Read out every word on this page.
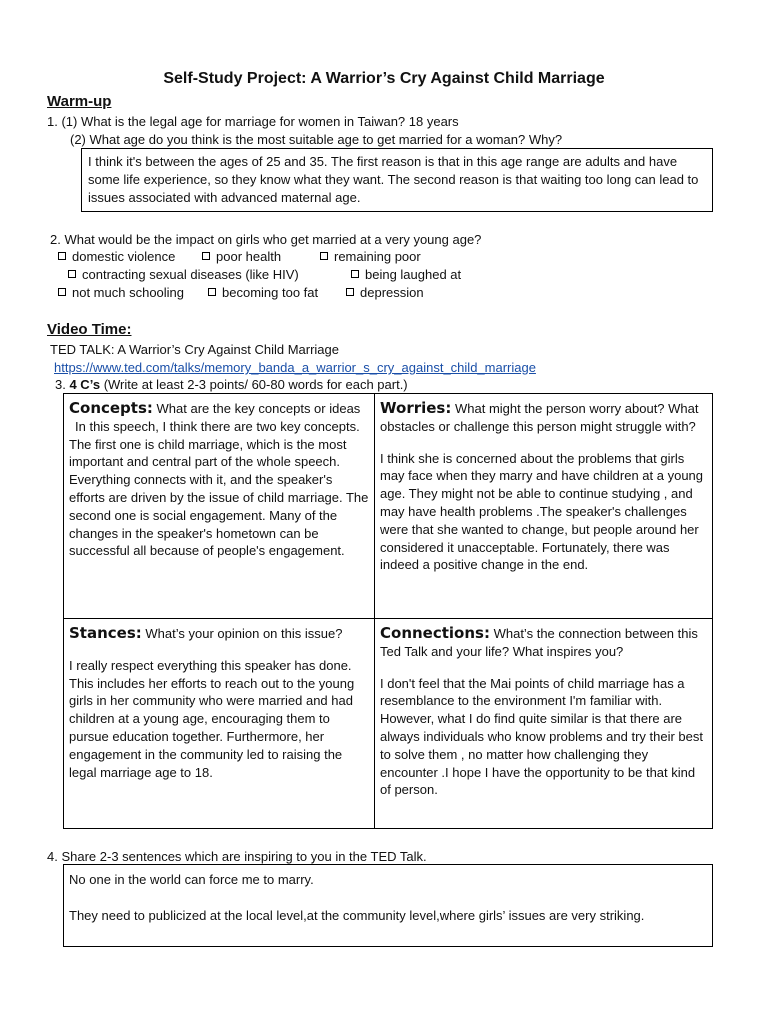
Self-Study Project: A Warrior’s Cry Against Child Marriage
Warm-up
1. (1) What is the legal age for marriage for women in Taiwan? 18 years
(2) What age do you think is the most suitable age to get married for a woman? Why?
I think it's between the ages of 25 and 35. The first reason is that in this age range are adults and have some life experience, so they know what they want. The second reason is that waiting too long can lead to issues associated with advanced maternal age.
2. What would be the impact on girls who get married at a very young age?
domestic violence	poor health	remaining poor
contracting sexual diseases (like HIV)	being laughed at
not much schooling	becoming too fat	depression
Video Time:
TED TALK: A Warrior’s Cry Against Child Marriage
https://www.ted.com/talks/memory_banda_a_warrior_s_cry_against_child_marriage
3. 4 C’s (Write at least 2-3 points/ 60-80 words for each part.)
Concepts: What are the key concepts or ideas

In this speech, I think there are two key concepts. The first one is child marriage, which is the most important and central part of the whole speech. Everything connects with it, and the speaker's efforts are driven by the issue of child marriage. The second one is social engagement. Many of the changes in the speaker's hometown can be successful all because of people's engagement.
Worries: What might the person worry about? What obstacles or challenge this person might struggle with?

I think she is concerned about the problems that girls may face when they marry and have children at a young age. They might not be able to continue studying , and may have health problems .The speaker's challenges were that she wanted to change, but people around her considered it unacceptable. Fortunately, there was indeed a positive change in the end.

Stances: What’s your opinion on this issue?

I really respect everything this speaker has done. This includes her efforts to reach out to the young girls in her community who were married and had children at a young age, encouraging them to pursue education together. Furthermore, her engagement in the community led to raising the legal marriage age to 18.

Connections: What’s the connection between this Ted Talk and your life? What inspires you?

I don't feel that the Mai points of child marriage has a resemblance to the environment I'm familiar with. However, what I do find quite similar is that there are always individuals who know problems and try their best to solve them , no matter how challenging they encounter .I hope I have the opportunity to be that kind of person.

4. Share 2-3 sentences which are inspiring to you in the TED Talk.
No one in the world can force me to marry.
They need to publicized at the local level,at the community level,where girls’ issues are very striking.
